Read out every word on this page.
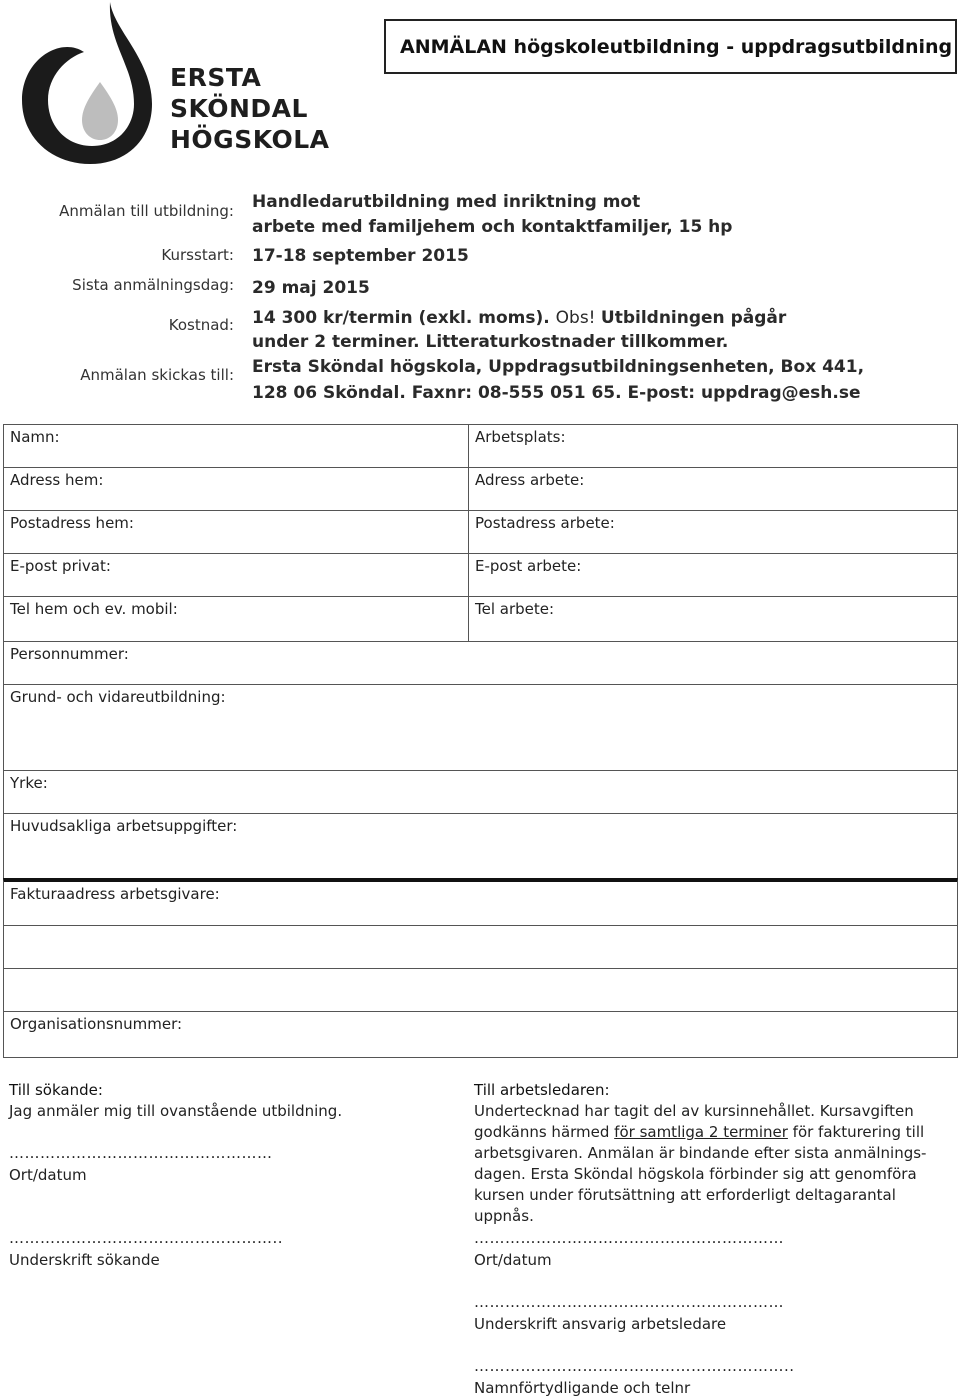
ERSTA
SKÖNDAL
HÖGSKOLA
ANMÄLAN högskoleutbildning - uppdragsutbildning
Anmälan till utbildning: Handledarutbildning med inriktning mot
arbete med familjehem och kontaktfamiljer, 15 hp
Kursstart: 17-18 september 2015
Sista anmälningsdag: 29 maj 2015
Kostnad: 14 300 kr/termin (exkl. moms). Obs! Utbildningen pågår
under 2 terminer. Litteraturkostnader tillkommer.
Anmälan skickas till: Ersta Sköndal högskola, Uppdragsutbildningsenheten, Box 441,
128 06 Sköndal. Faxnr: 08-555 051 65. E-post: uppdrag@esh.se
Namn:	Arbetsplats:
Adress hem:	Adress arbete:
Postadress hem:	Postadress arbete:
E-post privat:	E-post arbete:
Tel hem och ev. mobil:	Tel arbete:
Personnummer:
Grund- och vidareutbildning:
Yrke:
Huvudsakliga arbetsuppgifter:
Fakturaadress arbetsgivare:
Organisationsnummer:
Till sökande:
Jag anmäler mig till ovanstående utbildning.
……………………………………………
Ort/datum
……………………………………………..
Underskrift sökande
Till arbetsledaren:
Undertecknad har tagit del av kursinnehållet. Kursavgiften
godkänns härmed för samtliga 2 terminer för fakturering till
arbetsgivaren. Anmälan är bindande efter sista anmälnings-
dagen. Ersta Sköndal högskola förbinder sig att genomföra
kursen under förutsättning att erforderligt deltagarantal uppnås.
……………………………………………………
Ort/datum
……………………………………………………
Underskrift ansvarig arbetsledare
……………………………………………………..
Namnförtydligande och telnr
